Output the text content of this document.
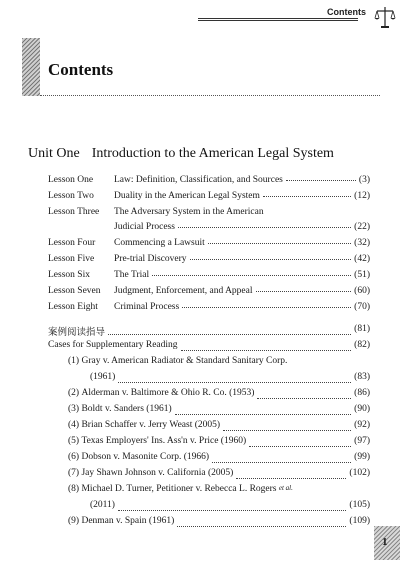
Contents
Contents
Unit One Introduction to the American Legal System
Lesson One Law: Definition, Classification, and Sources	(3)
Lesson Two Duality in the American Legal System	(12)
Lesson Three The Adversary System in the American
Judicial Process	(22)
Lesson Four Commencing a Lawsuit	(32)
Lesson Five Pre-trial Discovery	(42)
Lesson Six	The Trial	(51)
Lesson Seven Judgment, Enforcement, and Appeal	(60)
Lesson Eight Criminal Process	(70)
案例阅读指导	(81)
Cases for Supplementary Reading	(82)
(1)
Gray v. American Radiator & Standard Sanitary Corp.
(1961)	(83)
(2)
Alderman v. Baltimore & Ohio R. Co. (1953)	(86)
(3)
Boldt v. Sanders (1961)	(90)
(4)
Brian Schaffer v. Jerry Weast (2005)	(92)
(5)
Texas Employers' Ins. Ass'n v. Price (1960)	(97)
(6)
Dobson v. Masonite Corp. (1966)	(99)
(7)
Jay Shawn Johnson v. California (2005)	(102)
(8)
Michael D. Turner, Petitioner v. Rebecca L. Rogers
et al.
(2011)	(105)
(9)
Denman v. Spain (1961)	(109)
1
